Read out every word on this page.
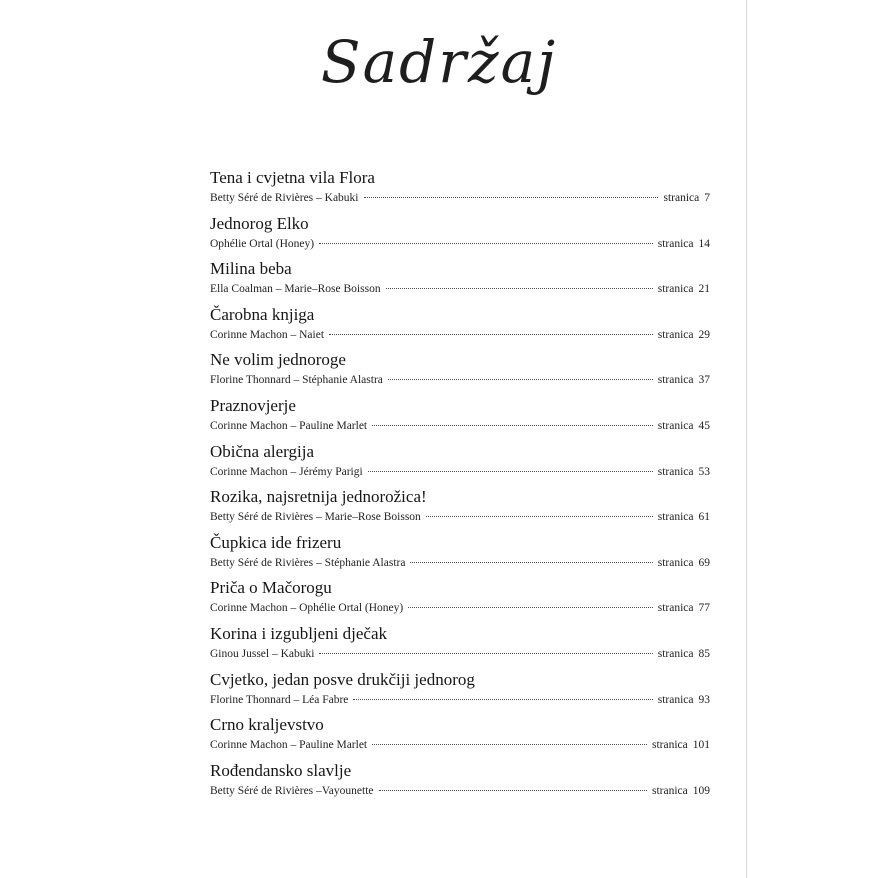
Sadržaj
Tena i cvjetna vila Flora
Betty Séré de Rivières – Kabuki	stranica 7
Jednorog Elko
Ophélie Ortal (Honey)	stranica 14
Milina beba
Ella Coalman – Marie–Rose Boisson	stranica 21
Čarobna knjiga
Corinne Machon – Naiet	stranica 29
Ne volim jednoroge
Florine Thonnard – Stéphanie Alastra	stranica 37
Praznovjerje
Corinne Machon – Pauline Marlet	stranica 45
Obična alergija
Corinne Machon – Jérémy Parigi	stranica 53
Rozika, najsretnija jednorožica!
Betty Séré de Rivières – Marie–Rose Boisson	stranica 61
Čupkica ide frizeru
Betty Séré de Rivières – Stéphanie Alastra	stranica 69
Priča o Mačorogu
Corinne Machon – Ophélie Ortal (Honey)	stranica 77
Korina i izgubljeni dječak
Ginou Jussel – Kabuki	stranica 85
Cvjetko, jedan posve drukčiji jednorog
Florine Thonnard – Léa Fabre	stranica 93
Crno kraljevstvo
Corinne Machon – Pauline Marlet	stranica 101
Rođendansko slavlje
Betty Séré de Rivières –Vayounette	stranica 109
